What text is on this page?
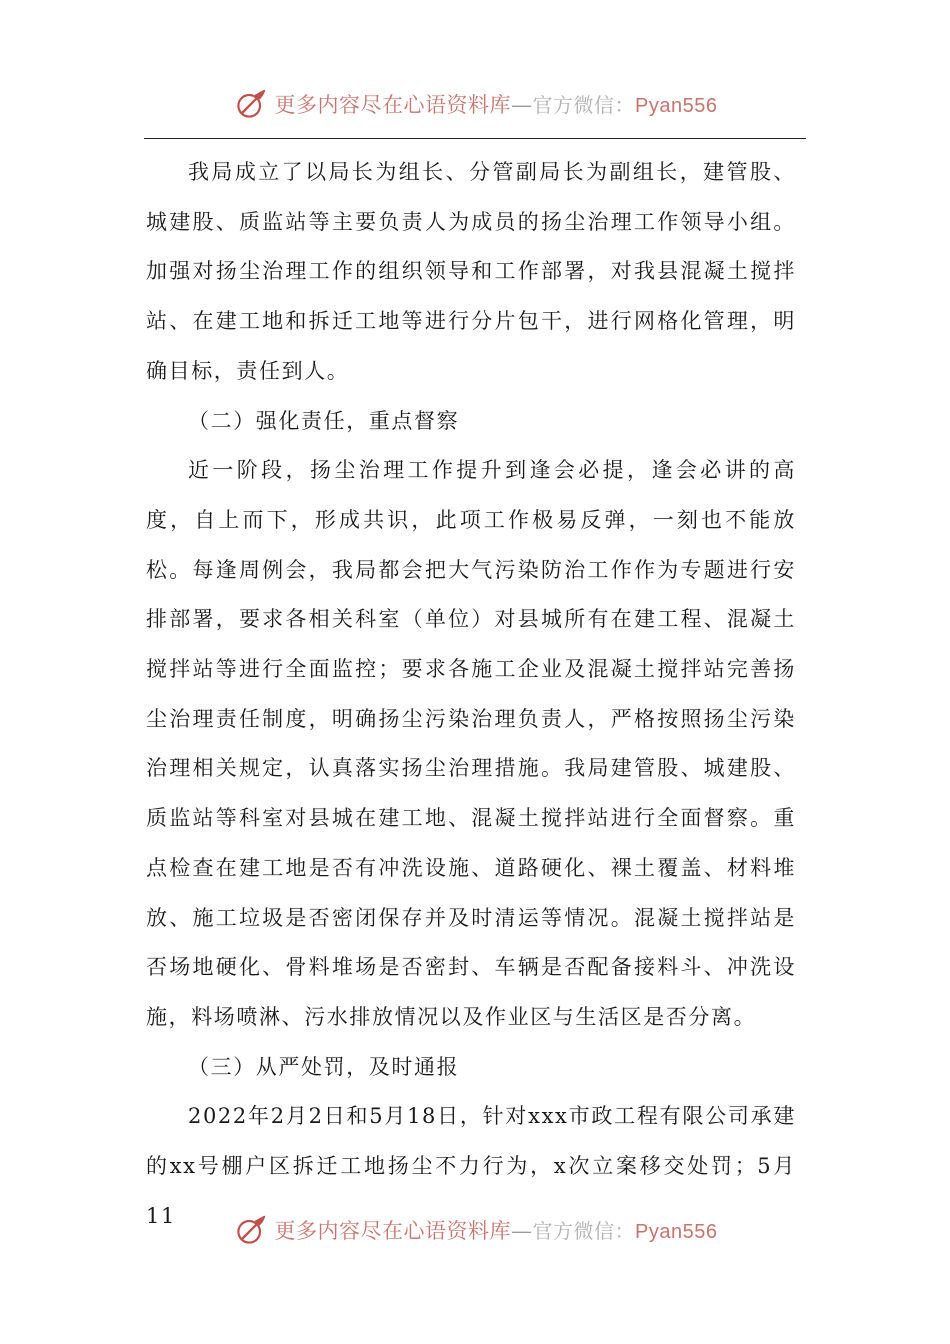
更多内容尽在心语资料库—官方微信：Pyan556

我局成立了以局长为组长、分管副局长为副组长，建管股、城建股、质监站等主要负责人为成员的扬尘治理工作领导小组。加强对扬尘治理工作的组织领导和工作部署，对我县混凝土搅拌站、在建工地和拆迁工地等进行分片包干，进行网格化管理，明确目标，责任到人。

（二）强化责任，重点督察

近一阶段，扬尘治理工作提升到逢会必提，逢会必讲的高度，自上而下，形成共识，此项工作极易反弹，一刻也不能放松。每逢周例会，我局都会把大气污染防治工作作为专题进行安排部署，要求各相关科室（单位）对县城所有在建工程、混凝土搅拌站等进行全面监控；要求各施工企业及混凝土搅拌站完善扬尘治理责任制度，明确扬尘污染治理负责人，严格按照扬尘污染治理相关规定，认真落实扬尘治理措施。我局建管股、城建股、质监站等科室对县城在建工地、混凝土搅拌站进行全面督察。重点检查在建工地是否有冲洗设施、道路硬化、裸土覆盖、材料堆放、施工垃圾是否密闭保存并及时清运等情况。混凝土搅拌站是否场地硬化、骨料堆场是否密封、车辆是否配备接料斗、冲洗设施，料场喷淋、污水排放情况以及作业区与生活区是否分离。

（三）从严处罚，及时通报

2022年2月2日和5月18日，针对xxx市政工程有限公司承建的xx号棚户区拆迁工地扬尘不力行为，x次立案移交处罚；5月11

更多内容尽在心语资料库—官方微信：Pyan556
